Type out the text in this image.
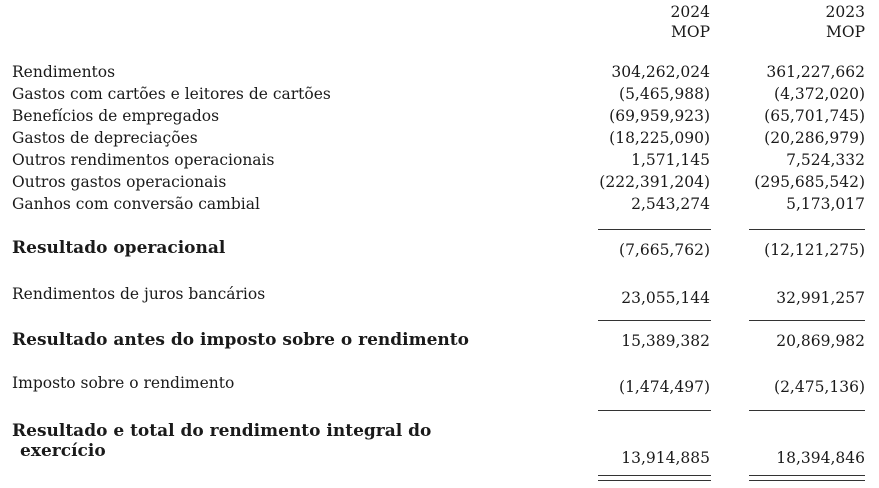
2024
MOP
2023
MOP
Rendimentos	304,262,024	361,227,662
Gastos com cartões e leitores de cartões	(5,465,988)	(4,372,020)
Benefícios de empregados	(69,959,923)	(65,701,745)
Gastos de depreciações	(18,225,090)	(20,286,979)
Outros rendimentos operacionais	1,571,145	7,524,332
Outros gastos operacionais	(222,391,204)	(295,685,542)
Ganhos com conversão cambial	2,543,274	5,173,017
Resultado operacional	(7,665,762)	(12,121,275)
Rendimentos de juros bancários	23,055,144	32,991,257
Resultado antes do imposto sobre o rendimento	15,389,382	20,869,982
Imposto sobre o rendimento	(1,474,497)	(2,475,136)
Resultado e total do rendimento integral do
exercício	13,914,885	18,394,846
